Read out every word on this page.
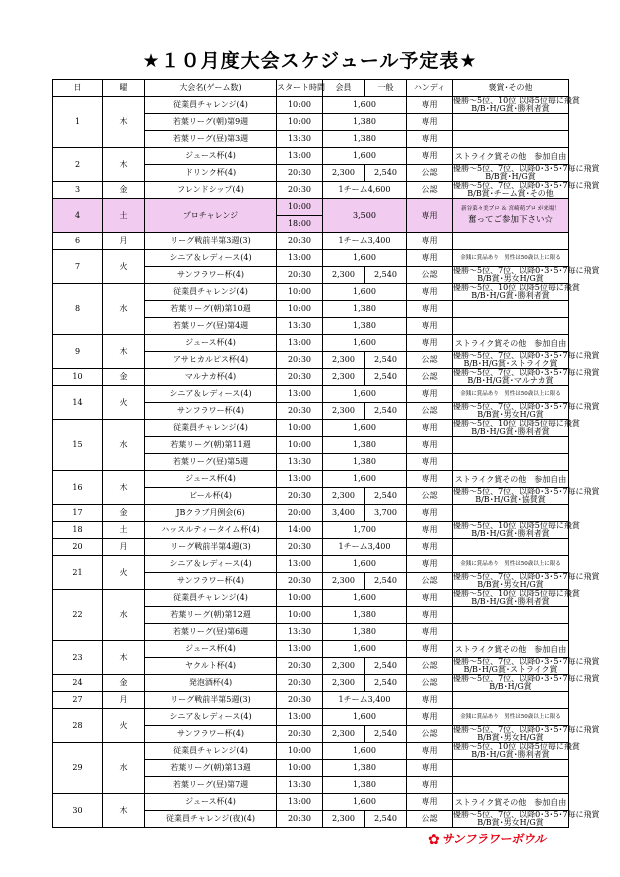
★１０月度大会スケジュール予定表★
日	曜	大会名(ゲーム数)	スタート時間	会員	一般	ハンディ	褒賞･その他
1	木	従業員チャレンジ(4)	10:00	1,600		専用	優勝～5位、10位 以降5位毎に飛賞
B/B･H/G賞･勝利者賞

		若葉リーグ(朝)第9週	10:00	1,380		専用	
		若葉リーグ(昼)第3週	13:30	1,380		専用	
2	木	ジュース杯(4)	13:00	1,600		専用	ストライク賞その他　参加自由
		ドリンク杯(4)	20:30	2,300	2,540	公認	優勝～5位、7位、以降0･3･5･7毎に飛賞
B/B賞･H/G賞

3	金	フレンドシップ(4)	20:30	1チーム4,600		公認	優勝～5位、7位、以降0･3･5･7毎に飛賞
B/B賞･チーム賞･その他

4	土	プロチャレンジ	10:00	3,500		専用	新谷菜々美プロ ＆ 宮崎萌プロ が来場！
奮ってご参加下さい☆

			18:00				
6	月	リーグ戦前半第3週(3)	20:30	1チーム3,400		専用	
7	火	シニア＆レディース(4)	13:00	1,600		専用	金銭に賞品あり　男性は50歳以上に限る
		サンフラワー杯(4)	20:30	2,300	2,540	公認	優勝～5位、7位、以降0･3･5･7毎に飛賞
B/B賞･男女H/G賞

8	水	従業員チャレンジ(4)	10:00	1,600		専用	優勝～5位、10位 以降5位毎に飛賞
B/B･H/G賞･勝利者賞

		若葉リーグ(朝)第10週	10:00	1,380		専用	
		若葉リーグ(昼)第4週	13:30	1,380		専用	
9	木	ジュース杯(4)	13:00	1,600		専用	ストライク賞その他　参加自由
		アサヒカルピス杯(4)	20:30	2,300	2,540	公認	優勝～5位、7位、以降0･3･5･7毎に飛賞
B/B･H/G賞･ストライク賞

10	金	マルナカ杯(4)	20:30	2,300	2,540	公認	優勝～5位、7位、以降0･3･5･7毎に飛賞
B/B･H/G賞･マルナカ賞

14	火	シニア＆レディース(4)	13:00	1,600		専用	金銭に賞品あり　男性は50歳以上に限る
		サンフラワー杯(4)	20:30	2,300	2,540	公認	優勝～5位、7位、以降0･3･5･7毎に飛賞
B/B賞･男女H/G賞

15	水	従業員チャレンジ(4)	10:00	1,600		専用	優勝～5位、10位 以降5位毎に飛賞
B/B･H/G賞･勝利者賞

		若葉リーグ(朝)第11週	10:00	1,380		専用	
		若葉リーグ(昼)第5週	13:30	1,380		専用	
16	木	ジュース杯(4)	13:00	1,600		専用	ストライク賞その他　参加自由
		ビール杯(4)	20:30	2,300	2,540	公認	優勝～5位、7位、以降0･3･5･7毎に飛賞
B/B･H/G賞･協賛賞

17	金	JBクラブ月例会(6)	20:00	3,400	3,700	専用	
18	土	ハッスルティータイム杯(4)	14:00	1,700		専用	優勝～5位、10位 以降5位毎に飛賞
B/B･H/G賞･勝利者賞

20	月	リーグ戦前半第4週(3)	20:30	1チーム3,400		専用	
21	火	シニア＆レディース(4)	13:00	1,600		専用	金銭に賞品あり　男性は50歳以上に限る
		サンフラワー杯(4)	20:30	2,300	2,540	公認	優勝～5位、7位、以降0･3･5･7毎に飛賞
B/B賞･男女H/G賞

22	水	従業員チャレンジ(4)	10:00	1,600		専用	優勝～5位、10位 以降5位毎に飛賞
B/B･H/G賞･勝利者賞

		若葉リーグ(朝)第12週	10:00	1,380		専用	
		若葉リーグ(昼)第6週	13:30	1,380		専用	
23	木	ジュース杯(4)	13:00	1,600		専用	ストライク賞その他　参加自由
		ヤクルト杯(4)	20:30	2,300	2,540	公認	優勝～5位、7位、以降0･3･5･7毎に飛賞
B/B･H/G賞･ストライク賞

24	金	発泡酒杯(4)	20:30	2,300	2,540	公認	優勝～5位、7位、以降0･3･5･7毎に飛賞
B/B･H/G賞

27	月	リーグ戦前半第5週(3)	20:30	1チーム3,400		専用	
28	火	シニア＆レディース(4)	13:00	1,600		専用	金銭に賞品あり　男性は50歳以上に限る
		サンフラワー杯(4)	20:30	2,300	2,540	公認	優勝～5位、7位、以降0･3･5･7毎に飛賞
B/B賞･男女H/G賞

29	水	従業員チャレンジ(4)	10:00	1,600		専用	優勝～5位、10位 以降5位毎に飛賞
B/B･H/G賞･勝利者賞

		若葉リーグ(朝)第13週	10:00	1,380		専用	
		若葉リーグ(昼)第7週	13:30	1,380		専用	
30	木	ジュース杯(4)	13:00	1,600		専用	ストライク賞その他　参加自由
		従業員チャレンジ(夜)(4)	20:30	2,300	2,540	公認	優勝～5位、7位、以降0･3･5･7毎に飛賞
B/B賞･男女H/G賞
✿ サンフラワーボウル
